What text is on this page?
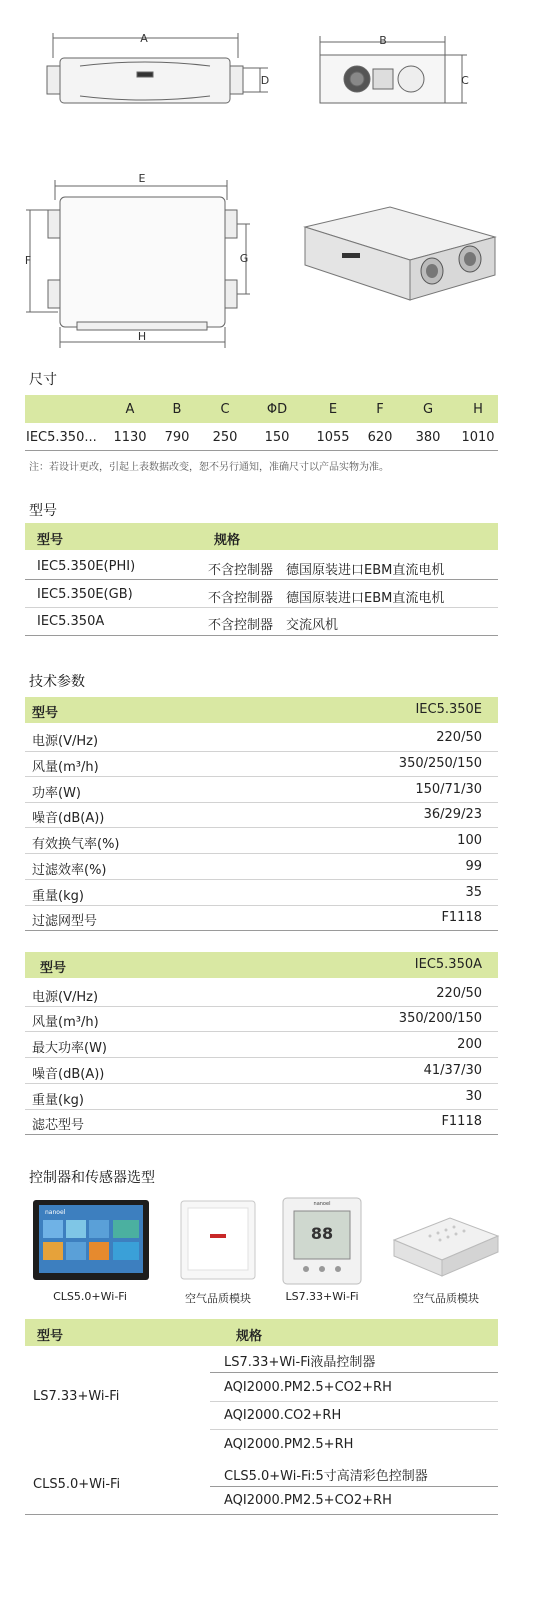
A
D
B
C
E
F	G
H
尺寸
A	B	C	ΦD	E	F	G	H
IEC5.350... 1130	790	250	150	1055	620	380	1010
注：若设计更改，引起上表数据改变，恕不另行通知，准确尺寸以产品实物为准。
型号
型号	规格
IEC5.350E(PHI)	不含控制器 德国原装进口EBM直流电机
IEC5.350E(GB)	不含控制器 德国原装进口EBM直流电机
IEC5.350A	不含控制器 交流风机
技术参数
型号	IEC5.350E
电源(V/Hz)	220/50
风量(m³/h)	350/250/150
功率(W)	150/71/30
噪音(dB(A))	36/29/23
有效换气率(%)	100
过滤效率(%)	99
重量(kg)	35
过滤网型号	F1118
型号	IEC5.350A
电源(V/Hz)	220/50
风量(m³/h)	350/200/150
最大功率(W)	200
噪音(dB(A))	41/37/30
重量(kg)	30
滤芯型号	F1118
控制器和传感器选型
nanoel
CLS5.0+Wi-Fi	空气品质模块
nanoel
88
LS7.33+Wi-Fi	空气品质模块
型号	规格
LS7.33+Wi-Fi
LS7.33+Wi-Fi液晶控制器
AQI2000.PM2.5+CO2+RH
AQI2000.CO2+RH
AQI2000.PM2.5+RH
CLS5.0+Wi-Fi
CLS5.0+Wi-Fi:5寸高清彩色控制器
AQI2000.PM2.5+CO2+RH
